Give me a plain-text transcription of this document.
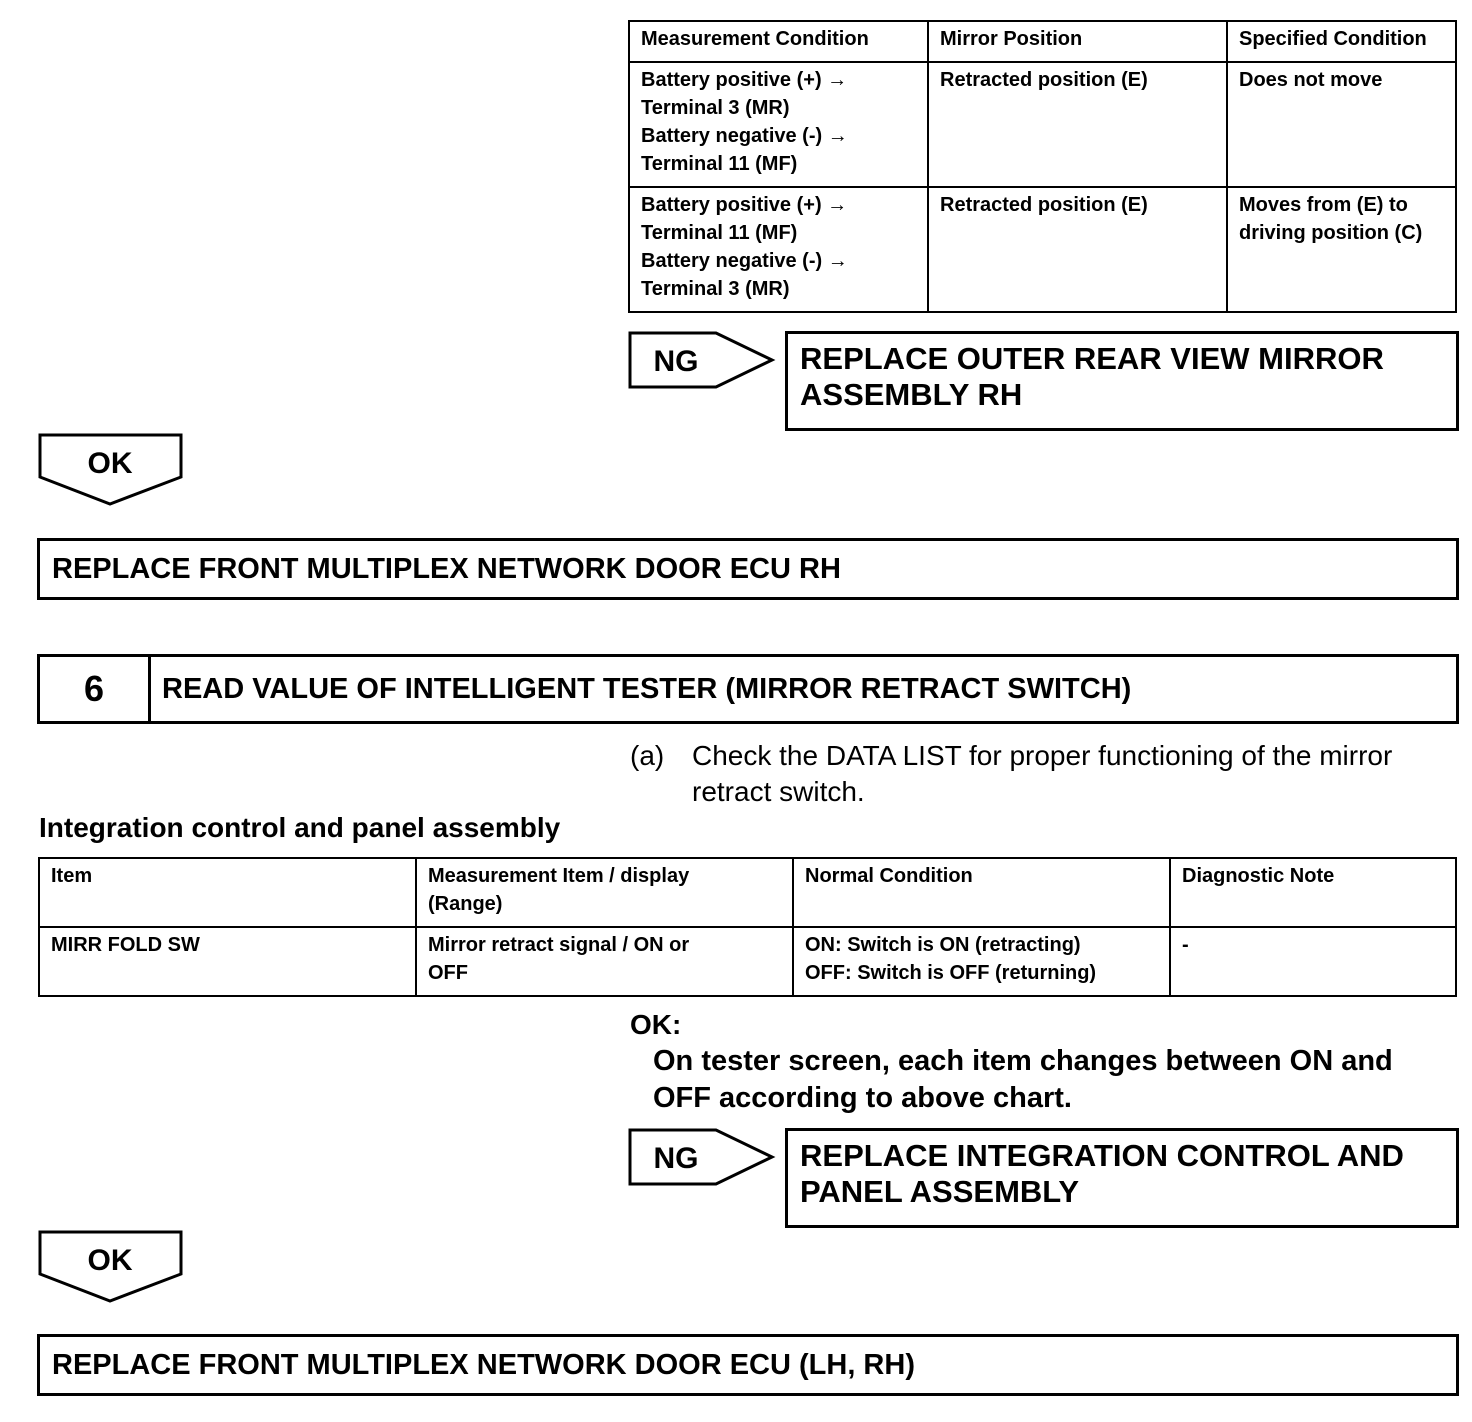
Measurement Condition	Mirror Position	Specified Condition

Battery positive (+) →
Terminal 3 (MR)
Battery negative (-) →
Terminal 11 (MF)	Retracted position (E)	Does not move

Battery positive (+) →
Terminal 11 (MF)
Battery negative (-) →
Terminal 3 (MR)	Retracted position (E)	Moves from (E) to
driving position (C)
NG	REPLACE OUTER REAR VIEW MIRROR
ASSEMBLY RH
OK
REPLACE FRONT MULTIPLEX NETWORK DOOR ECU RH
6	READ VALUE OF INTELLIGENT TESTER (MIRROR RETRACT SWITCH)
(a) Check the DATA LIST for proper functioning of the mirror
retract switch.
Integration control and panel assembly
Item	Measurement Item / display
(Range)	Normal Condition	Diagnostic Note

MIRR FOLD SW	Mirror retract signal / ON or
OFF	ON: Switch is ON (retracting)
OFF: Switch is OFF (returning)	-
OK:
On tester screen, each item changes between ON and
OFF according to above chart.
NG	REPLACE INTEGRATION CONTROL AND
PANEL ASSEMBLY
OK
REPLACE FRONT MULTIPLEX NETWORK DOOR ECU (LH, RH)
